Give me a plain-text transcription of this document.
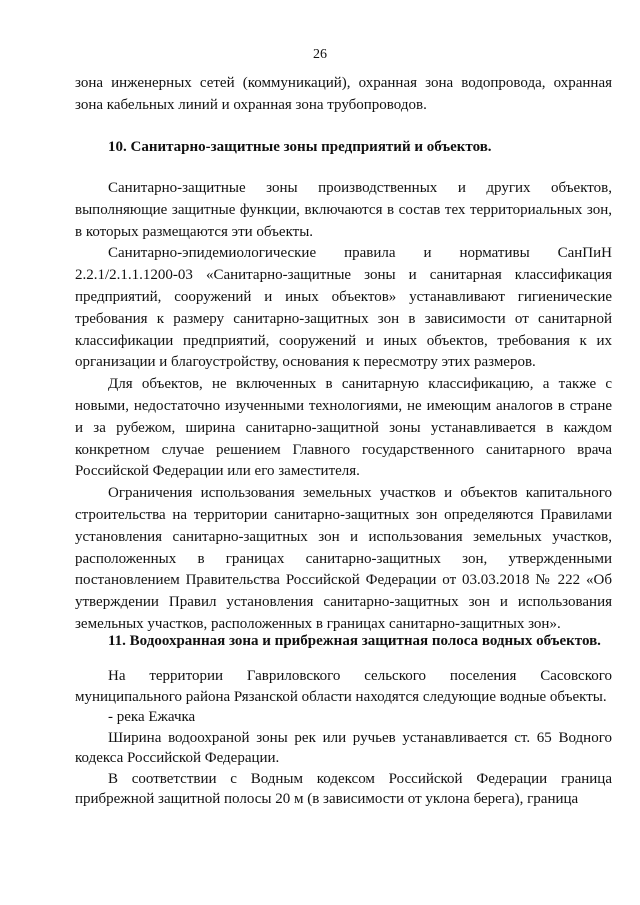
26

зона инженерных сетей (коммуникаций), охранная зона водопровода, охранная зона кабельных линий и охранная зона трубопроводов.

10. Санитарно-защитные зоны предприятий и объектов.

Санитарно-защитные зоны производственных и других объектов, выполняющие защитные функции, включаются в состав тех территориальных зон, в которых размещаются эти объекты.

Санитарно-эпидемиологические правила и нормативы СанПиН 2.2.1/2.1.1.1200-03 «Санитарно-защитные зоны и санитарная классификация предприятий, сооружений и иных объектов» устанавливают гигиенические требования к размеру санитарно-защитных зон в зависимости от санитарной классификации предприятий, сооружений и иных объектов, требования к их организации и благоустройству, основания к пересмотру этих размеров.

Для объектов, не включенных в санитарную классификацию, а также с новыми, недостаточно изученными технологиями, не имеющим аналогов в стране и за рубежом, ширина санитарно-защитной зоны устанавливается в каждом конкретном случае решением Главного государственного санитарного врача Российской Федерации или его заместителя.

Ограничения использования земельных участков и объектов капитального строительства на территории санитарно-защитных зон определяются Правилами установления санитарно-защитных зон и использования земельных участков, расположенных в границах санитарно-защитных зон, утвержденными постановлением Правительства Российской Федерации от 03.03.2018 № 222 «Об утверждении Правил установления санитарно-защитных зон и использования земельных участков, расположенных в границах санитарно-защитных зон».

11. Водоохранная зона и прибрежная защитная полоса водных объектов.

На территории Гавриловского сельского поселения Сасовского муниципального района Рязанской области находятся следующие водные объекты.

- река Ежачка

Ширина водоохраной зоны рек или ручьев устанавливается ст. 65 Водного кодекса Российской Федерации.

В соответствии с Водным кодексом Российской Федерации граница прибрежной защитной полосы 20 м (в зависимости от уклона берега), граница
